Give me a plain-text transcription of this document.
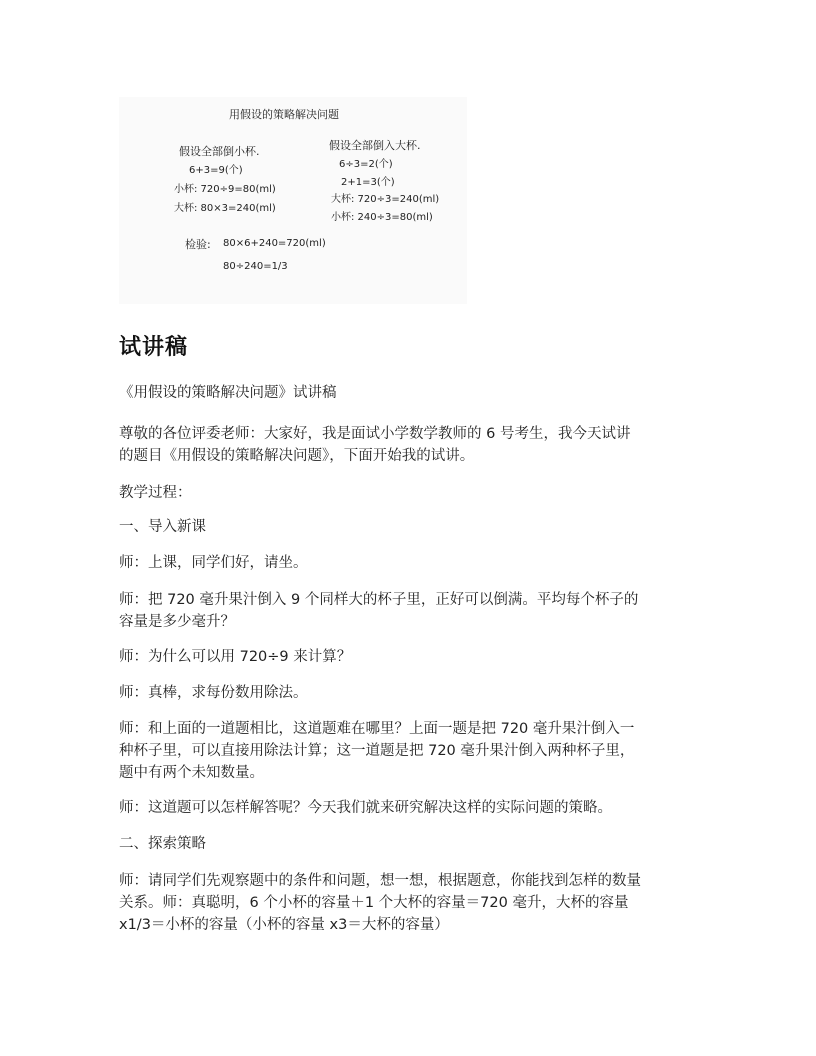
用假设的策略解决问题
假设全部倒小杯.
6+3=9(个)
小杯: 720÷9=80(ml)
大杯: 80×3=240(ml)
假设全部倒入大杯.
6÷3=2(个)
2+1=3(个)
大杯: 720÷3=240(ml)
小杯: 240÷3=80(ml)
检验: 80×6+240=720(ml)
80÷240=1/3
试讲稿

《用假设的策略解决问题》试讲稿

尊敬的各位评委老师：大家好，我是面试小学数学教师的 6 号考生，我今天试讲
的题目《用假设的策略解决问题》，下面开始我的试讲。

教学过程：

一、导入新课

师：上课，同学们好，请坐。

师：把 720 毫升果汁倒入 9 个同样大的杯子里，正好可以倒满。平均每个杯子的
容量是多少毫升？

师：为什么可以用 720÷9 来计算？

师：真棒，求每份数用除法。

师：和上面的一道题相比，这道题难在哪里？上面一题是把 720 毫升果汁倒入一
种杯子里，可以直接用除法计算；这一道题是把 720 毫升果汁倒入两种杯子里，
题中有两个未知数量。

师：这道题可以怎样解答呢？今天我们就来研究解决这样的实际问题的策略。

二、探索策略

师：请同学们先观察题中的条件和问题，想一想，根据题意，你能找到怎样的数量
关系。师：真聪明，6 个小杯的容量＋1 个大杯的容量＝720 毫升，大杯的容量
x1/3＝小杯的容量（小杯的容量 x3＝大杯的容量）
